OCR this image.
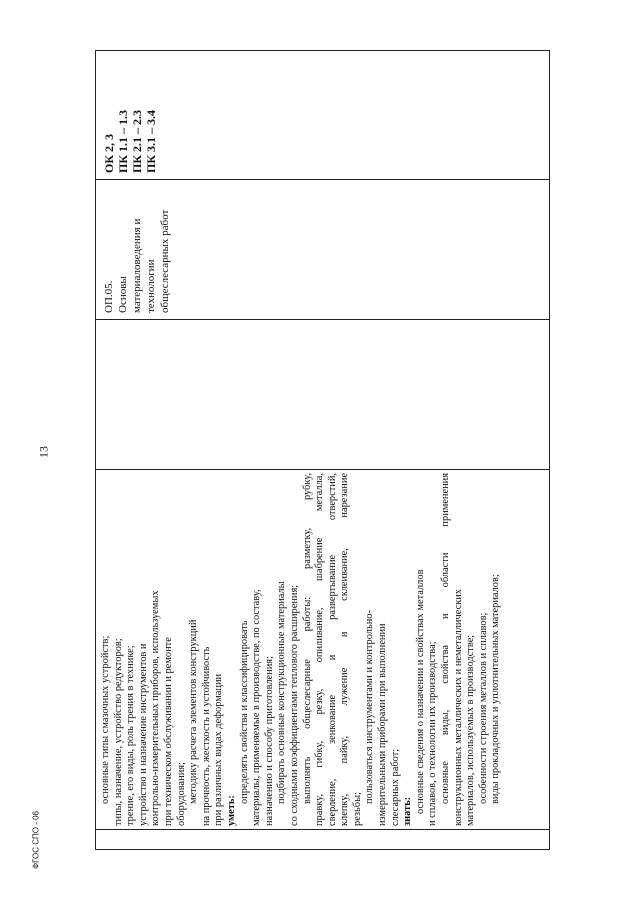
13
ФГОС СПО - 06
основные типы смазочных устройств; типы, назначение, устройство редукторов; трение, его виды, роль трения в технике; устройство и назначение инструментов и контрольно-измерительных приборов, используемых при техническом обслуживании и ремонте оборудования; методику расчета элементов конструкций на прочность, жесткость и устойчивость при различных видах деформации уметь:
определять свойства и классифицировать материалы, применяемые в производстве, по составу, назначению и способу приготовления; подбирать основные конструкционные материалы со сходными коэффициентами теплового расширения; выполнять общеслесарные работы: разметку, рубку, правку, гибку, резку, опиливание, шабрение металла, сверление, зенкование и развертывание отверстий, клепку, пайку, лужение и склеивание, нарезание резьбы;
пользоваться инструментами и контрольно- измерительными приборами при выполнении слесарных работ; знать: основные сведения о назначении и свойствах металлов и сплавов, о технологии их производства; основные виды, свойства и области применения конструкционных металлических и неметаллических материалов, используемых в производстве; особенности строения металлов и сплавов; виды прокладочных и уплотнительных материалов;
ОП.05. Основы материаловедения и технологии общеслесарных работ
ОК 2, 3 ПК 1.1 – 1.3 ПК 2.1 – 2.3 ПК 3.1 – 3.4
